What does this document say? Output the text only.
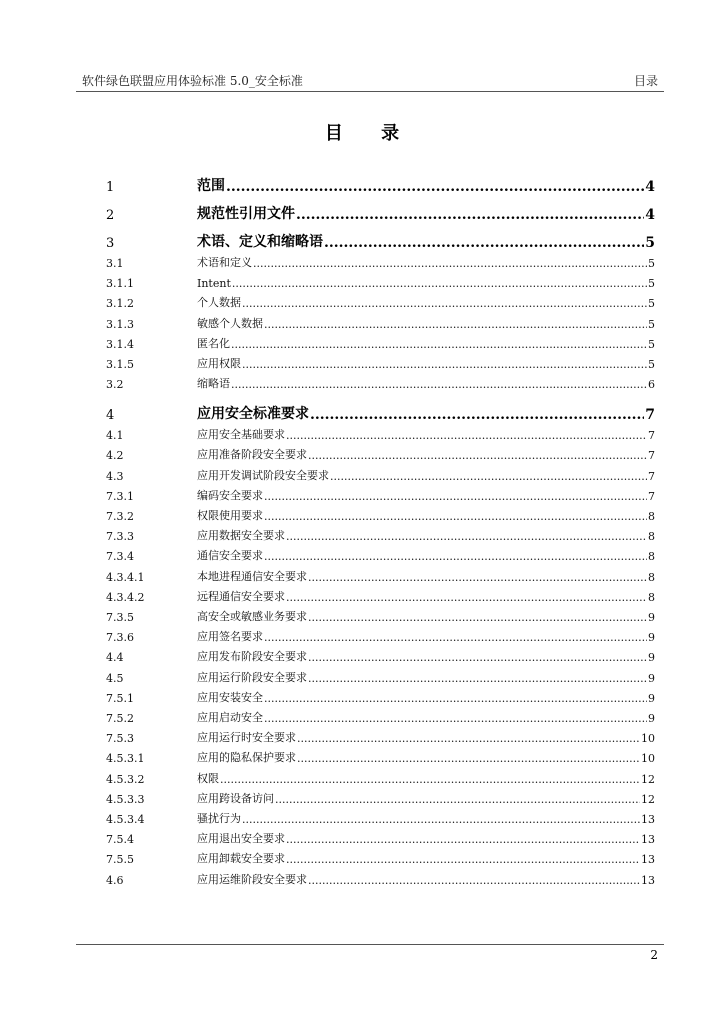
软件绿色联盟应用体验标准 5.0_安全标准	目录
目 录
1	范围 .....	4
2	规范性引用文件 .....	4
3	术语、定义和缩略语 .....	5
3.1	术语和定义 .....	5
3.1.1	Intent .....	5
3.1.2	个人数据 .....	5
3.1.3	敏感个人数据 .....	5
3.1.4	匿名化 .....	5
3.1.5	应用权限 .....	5
3.2	缩略语 .....	6
4	应用安全标准要求 .....	7
4.1	应用安全基础要求 .....	7
4.2	应用准备阶段安全要求 .....	7
4.3	应用开发调试阶段安全要求 .....	7
7.3.1	编码安全要求 .....	7
7.3.2	权限使用要求 .....	8
7.3.3	应用数据安全要求 .....	8
7.3.4	通信安全要求 .....	8
4.3.4.1	本地进程通信安全要求 .....	8
4.3.4.2	远程通信安全要求 .....	8
7.3.5	高安全或敏感业务要求 .....	9
7.3.6	应用签名要求 .....	9
4.4	应用发布阶段安全要求 .....	9
4.5	应用运行阶段安全要求 .....	9
7.5.1	应用安装安全 .....	9
7.5.2	应用启动安全 .....	9
7.5.3	应用运行时安全要求 .....	10
4.5.3.1	应用的隐私保护要求 .....	10
4.5.3.2	权限 .....	12
4.5.3.3	应用跨设备访问 .....	12
4.5.3.4	骚扰行为 .....	13
7.5.4	应用退出安全要求 .....	13
7.5.5	应用卸载安全要求 .....	13
4.6	应用运维阶段安全要求 .....	13
2
